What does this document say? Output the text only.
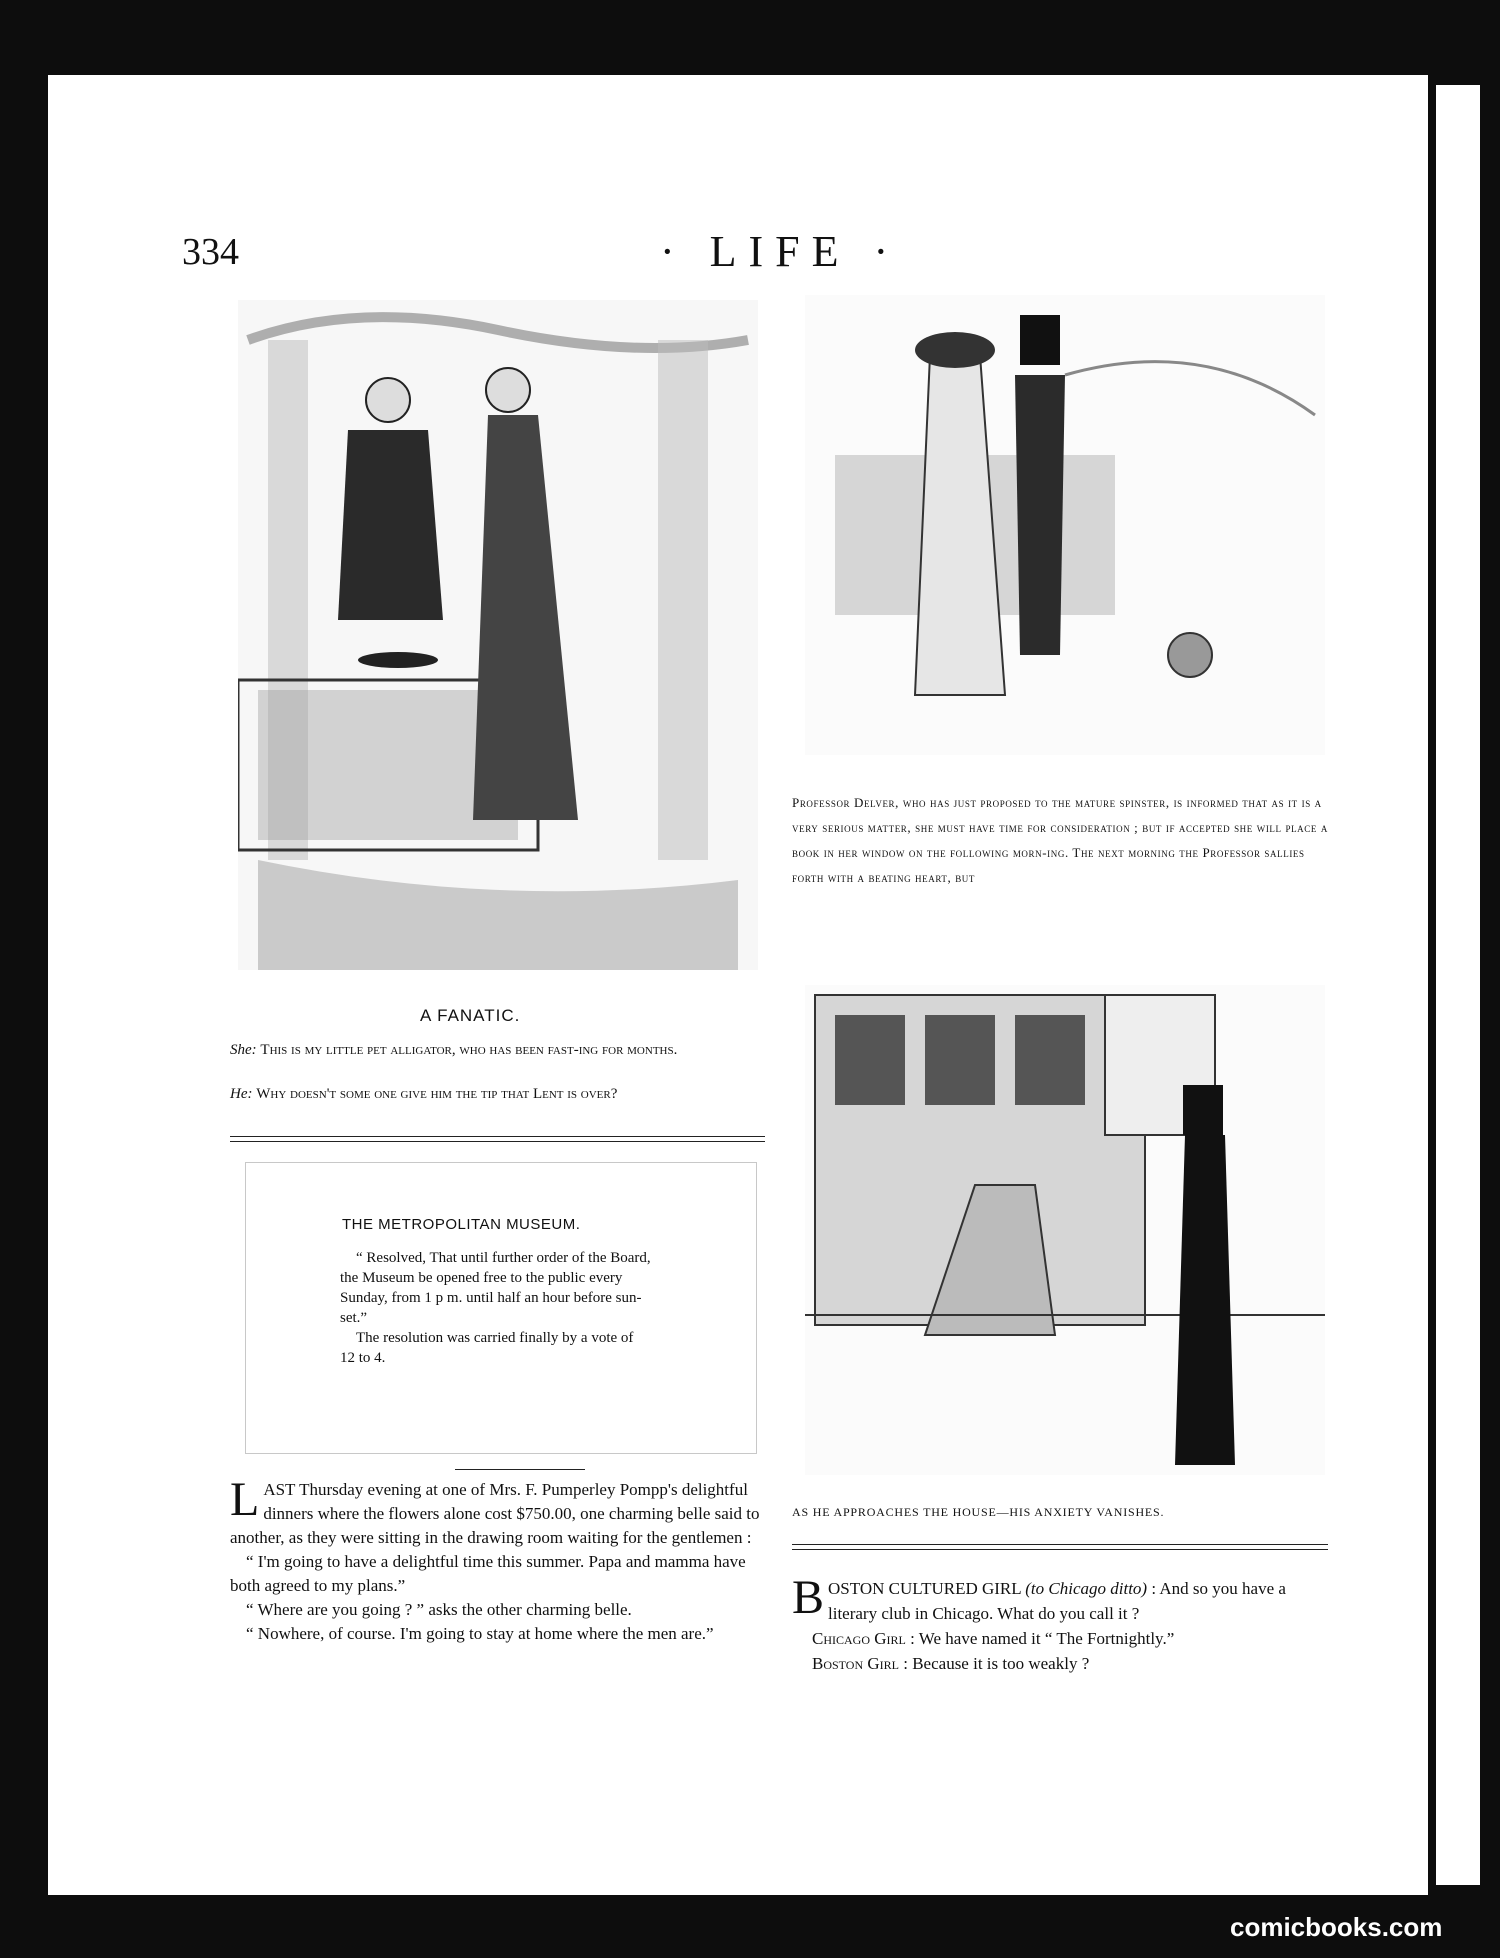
334	· LIFE ·
A FANATIC.
She: This is my little pet alligator, who has been fast-ing for months.
He: Why doesn't some one give him the tip that Lent is over?
THE METROPOLITAN MUSEUM.

“ Resolved, That until further order of the Board, the Museum be opened free to the public every Sunday, from 1 p m. until half an hour before sun-set.”

The resolution was carried finally by a vote of 12 to 4.

LAST Thursday evening at one of Mrs. F. Pumperley Pompp's delightful dinners where the flowers alone cost $750.00, one charming belle said to another, as they were sitting in the drawing room waiting for the gentlemen :

“ I'm going to have a delightful time this summer. Papa and mamma have both agreed to my plans.”

“ Where are you going ? ” asks the other charming belle.

“ Nowhere, of course. I'm going to stay at home where the men are.”

Professor Delver, who has just proposed to the mature spinster, is informed that as it is a very serious matter, she must have time for consideration ; but if accepted she will place a book in her window on the following morn-ing. The next morning the Professor sallies forth with a beating heart, but
AS HE APPROACHES THE HOUSE—HIS ANXIETY VANISHES.

BOSTON CULTURED GIRL (to Chicago ditto) : And so you have a literary club in Chicago. What do you call it ?

Chicago Girl : We have named it “ The Fortnightly.”

Boston Girl : Because it is too weakly ?

comicbooks.com
